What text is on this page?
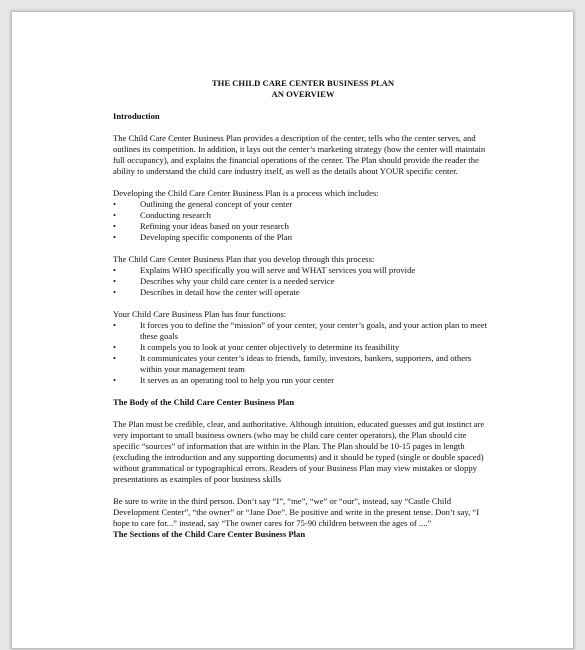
THE CHILD CARE CENTER BUSINESS PLAN
AN OVERVIEW
Introduction

The Child Care Center Business Plan provides a description of the center, tells who the center serves, and outlines its competition. In addition, it lays out the center’s marketing strategy (how the center will maintain full occupancy), and explains the financial operations of the center. The Plan should provide the reader the ability to understand the child care industry itself, as well as the details about YOUR specific center.

Developing the Child Care Center Business Plan is a process which includes:

• Outlining the general concept of your center
• Conducting research
• Refining your ideas based on your research
• Developing specific components of the Plan

The Child Care Center Business Plan that you develop through this process:

• Explains WHO specifically you will serve and WHAT services you will provide
• Describes why your child care center is a needed service
• Describes in detail how the center will operate

Your Child Care Business Plan has four functions:

• It forces you to define the “mission” of your center, your center’s goals, and your action plan to meet these goals
• It compels you to look at your center objectively to determine its feasibility
• It communicates your center’s ideas to friends, family, investors, bankers, supporters, and others within your management team
• It serves as an operating tool to help you run your center
The Body of the Child Care Center Business Plan

The Plan must be credible, clear, and authoritative. Although intuition, educated guesses and gut instinct are very important to small business owners (who may be child care center operators), the Plan should cite specific “sources” of information that are within in the Plan. The Plan should be 10-15 pages in length (excluding the introduction and any supporting documents) and it should be typed (single or double spaced) without grammatical or typographical errors. Readers of your Business Plan may view mistakes or sloppy presentations as examples of poor business skills

Be sure to write in the third person. Don’t say “I”, “me”, “we” or “our”, instead, say “Castle Child Development Center”, “the owner” or “Jane Doe”. Be positive and write in the present tense. Don’t say, “I hope to care for...” instead, say “The owner cares for 75-90 children between the ages of ....”

The Sections of the Child Care Center Business Plan
